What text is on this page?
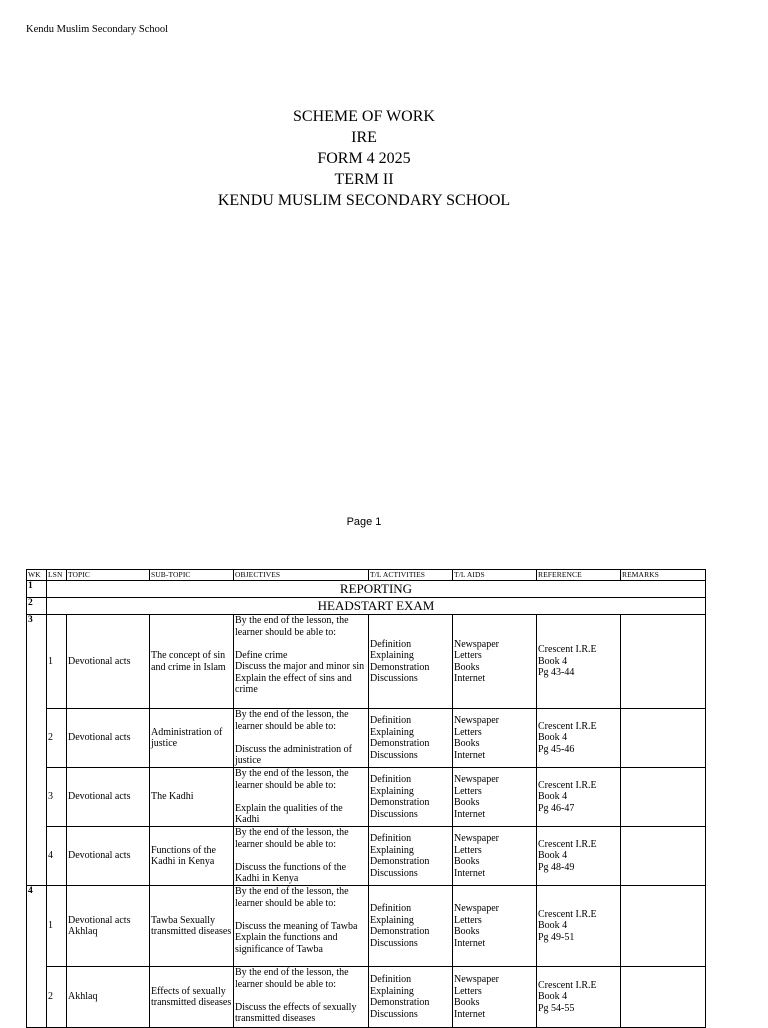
Kendu Muslim Secondary School
SCHEME OF WORK
IRE
FORM 4 2025
TERM II
KENDU MUSLIM SECONDARY SCHOOL
Page 1
WK	LSN	TOPIC	SUB-TOPIC	OBJECTIVES	T/L ACTIVITIES	T/L AIDS	REFERENCE	REMARKS
1	REPORTING							
2	HEADSTART EXAM							
3	1	Devotional acts	The concept of sin and crime in Islam	By the end of the lesson, the learner should be able to:
Define crime
Discuss the major and minor sin
Explain the effect of sins and crime	Definition
Explaining
Demonstration
Discussions	Newspaper
Letters
Books
Internet	Crescent I.R.E
Book 4
Pg 43-44	

	2	Devotional acts	Administration of justice	By the end of the lesson, the learner should be able to:
Discuss the administration of justice	Definition
Explaining
Demonstration
Discussions	Newspaper
Letters
Books
Internet	Crescent I.R.E
Book 4
Pg 45-46	

	3	Devotional acts	The Kadhi	By the end of the lesson, the learner should be able to:
Explain the qualities of the Kadhi	Definition
Explaining
Demonstration
Discussions	Newspaper
Letters
Books
Internet	Crescent I.R.E
Book 4
Pg 46-47	

	4	Devotional acts	Functions of the Kadhi in Kenya	By the end of the lesson, the learner should be able to:
Discuss the functions of the Kadhi in Kenya	Definition
Explaining
Demonstration
Discussions	Newspaper
Letters
Books
Internet	Crescent I.R.E
Book 4
Pg 48-49	

4	1	Devotional acts Akhlaq	Tawba Sexually transmitted diseases	By the end of the lesson, the learner should be able to:
Discuss the meaning of Tawba
Explain the functions and significance of Tawba	Definition
Explaining
Demonstration
Discussions	Newspaper
Letters
Books
Internet	Crescent I.R.E
Book 4
Pg 49-51	

	2	Akhlaq	Effects of sexually transmitted diseases	By the end of the lesson, the learner should be able to:
Discuss the effects of sexually transmitted diseases	Definition
Explaining
Demonstration
Discussions	Newspaper
Letters
Books
Internet	Crescent I.R.E
Book 4
Pg 54-55	
